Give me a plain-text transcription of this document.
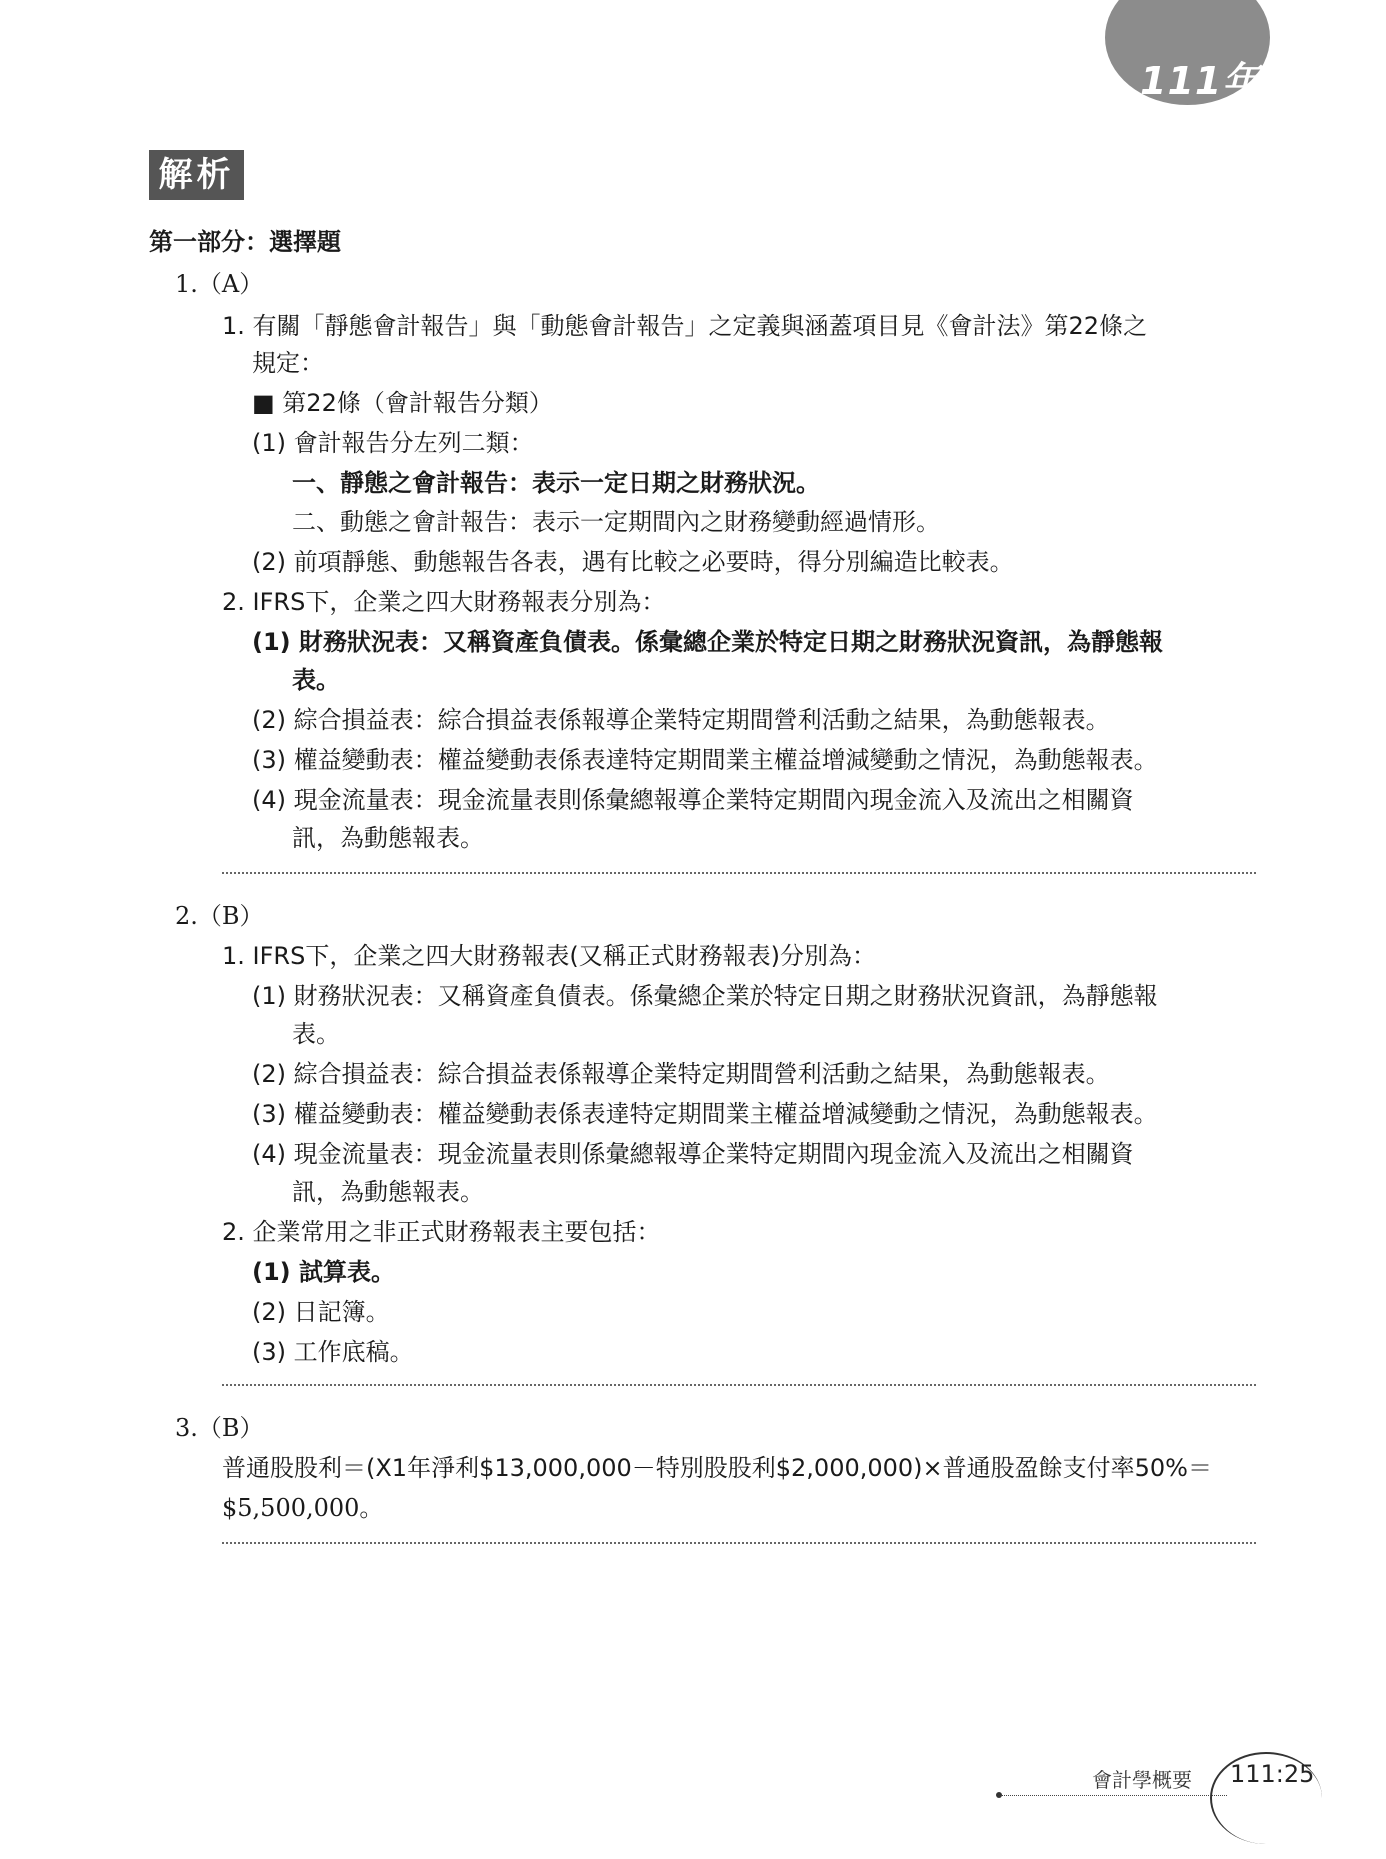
111年
解析
第一部分：選擇題
1.（A）
1. 有關「靜態會計報告」與「動態會計報告」之定義與涵蓋項目見《會計法》第22條之
規定：
■ 第22條（會計報告分類）
(1) 會計報告分左列二類：
一、靜態之會計報告：表示一定日期之財務狀況。
二、動態之會計報告：表示一定期間內之財務變動經過情形。
(2) 前項靜態、動態報告各表，遇有比較之必要時，得分別編造比較表。
2. IFRS下，企業之四大財務報表分別為：
(1) 財務狀況表：又稱資產負債表。係彙總企業於特定日期之財務狀況資訊，為靜態報
表。
(2) 綜合損益表：綜合損益表係報導企業特定期間營利活動之結果，為動態報表。
(3) 權益變動表：權益變動表係表達特定期間業主權益增減變動之情況，為動態報表。
(4) 現金流量表：現金流量表則係彙總報導企業特定期間內現金流入及流出之相關資
訊，為動態報表。
2.（B）
1. IFRS下，企業之四大財務報表(又稱正式財務報表)分別為：
(1) 財務狀況表：又稱資產負債表。係彙總企業於特定日期之財務狀況資訊，為靜態報
表。
(2) 綜合損益表：綜合損益表係報導企業特定期間營利活動之結果，為動態報表。
(3) 權益變動表：權益變動表係表達特定期間業主權益增減變動之情況，為動態報表。
(4) 現金流量表：現金流量表則係彙總報導企業特定期間內現金流入及流出之相關資
訊，為動態報表。
2. 企業常用之非正式財務報表主要包括：
(1) 試算表。
(2) 日記簿。
(3) 工作底稿。
3.（B）
普通股股利＝(X1年淨利$13,000,000－特別股股利$2,000,000)×普通股盈餘支付率50%＝
$5,500,000。
會計學概要 111:25
